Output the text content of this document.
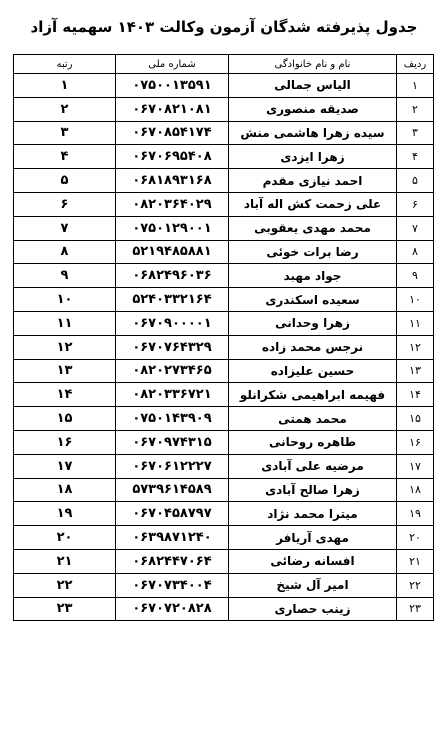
جدول پذیرفته شدگان آزمون وکالت ۱۴۰۳ سهمیه آزاد
ردیف	نام و نام خانوادگی	شماره ملی	رتبه
۱	الیاس جمالی	۰۷۵۰۰۱۳۵۹۱	۱
۲	صدیقه منصوری	۰۶۷۰۸۲۱۰۸۱	۲
۳	سیده زهرا هاشمی منش	۰۶۷۰۸۵۴۱۷۴	۳
۴	زهرا ایزدی	۰۶۷۰۶۹۵۴۰۸	۴
۵	احمد نیازی مقدم	۰۶۸۱۸۹۳۱۶۸	۵
۶	علی زحمت کش اله آباد	۰۸۲۰۳۶۴۰۲۹	۶
۷	محمد مهدی یعقوبی	۰۷۵۰۱۲۹۰۰۱	۷
۸	رضا برات خوئی	۵۲۱۹۴۸۵۸۸۱	۸
۹	جواد مهبد	۰۶۸۲۴۹۶۰۳۶	۹
۱۰	سعیده اسکندری	۵۲۴۰۳۳۲۱۶۴	۱۰
۱۱	زهرا وحدانی	۰۶۷۰۹۰۰۰۰۱	۱۱
۱۲	نرجس محمد زاده	۰۶۷۰۷۶۴۳۲۹	۱۲
۱۳	حسین علیزاده	۰۸۲۰۲۷۳۴۶۵	۱۳
۱۴	فهیمه ابراهیمی شکرانلو	۰۸۲۰۳۳۶۷۲۱	۱۴
۱۵	محمد همتی	۰۷۵۰۱۴۳۹۰۹	۱۵
۱۶	طاهره روحانی	۰۶۷۰۹۷۴۳۱۵	۱۶
۱۷	مرضیه علی آبادی	۰۶۷۰۶۱۲۲۲۷	۱۷
۱۸	زهرا صالح آبادی	۵۷۳۹۶۱۴۵۸۹	۱۸
۱۹	میترا محمد نژاد	۰۶۷۰۴۵۸۷۹۷	۱۹
۲۰	مهدی آریافر	۰۶۳۹۸۷۱۲۴۰	۲۰
۲۱	افسانه رضائی	۰۶۸۲۴۴۷۰۶۴	۲۱
۲۲	امیر آل شیخ	۰۶۷۰۷۳۴۰۰۴	۲۲
۲۳	زینب حصاری	۰۶۷۰۷۲۰۸۲۸	۲۳
